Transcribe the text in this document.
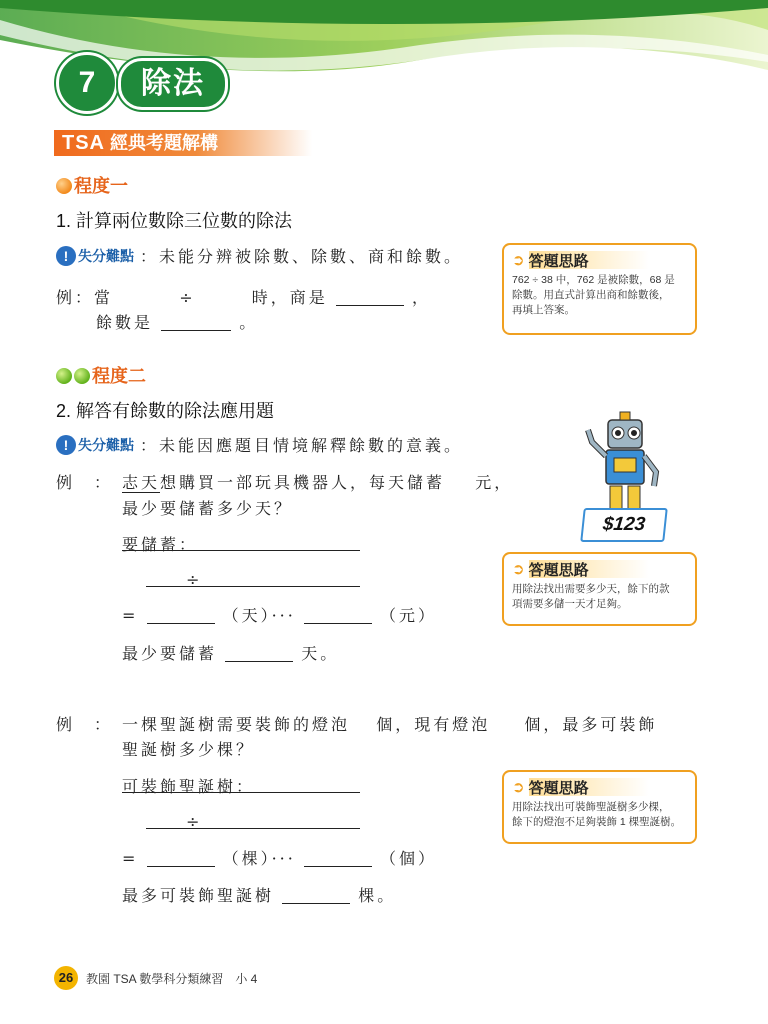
7	除法
TSA 經典考題解構
程度一
1. 計算兩位數除三位數的除法
! 失分難點 ：未能分辨被除數、除數、商和餘數。
例：當	÷	時，商是	，
餘數是	。
➲ 答題思路
762 ÷ 38 中，762 是被除數，68 是
除數。用直式計算出商和餘數後，
再填上答案。
程度二
2. 解答有餘數的除法應用題
! 失分難點 ：未能因應題目情境解釋餘數的意義。
$123
例　： 志天想購買一部玩具機器人，每天儲蓄 元，
最少要儲蓄多少天？
要儲蓄：
÷
=	（天）···	（元）
最少要儲蓄	天。
➲ 答題思路
用除法找出需要多少天，餘下的款
項需要多儲一天才足夠。
例　： 一棵聖誕樹需要裝飾的燈泡 個，現有燈泡 個，最多可裝飾
聖誕樹多少棵？
可裝飾聖誕樹：
÷
=	（棵）···	（個）
最多可裝飾聖誕樹	棵。
➲ 答題思路
用除法找出可裝飾聖誕樹多少棵，
餘下的燈泡不足夠裝飾 1 棵聖誕樹。
26	教園 TSA 數學科分類練習　小 4
